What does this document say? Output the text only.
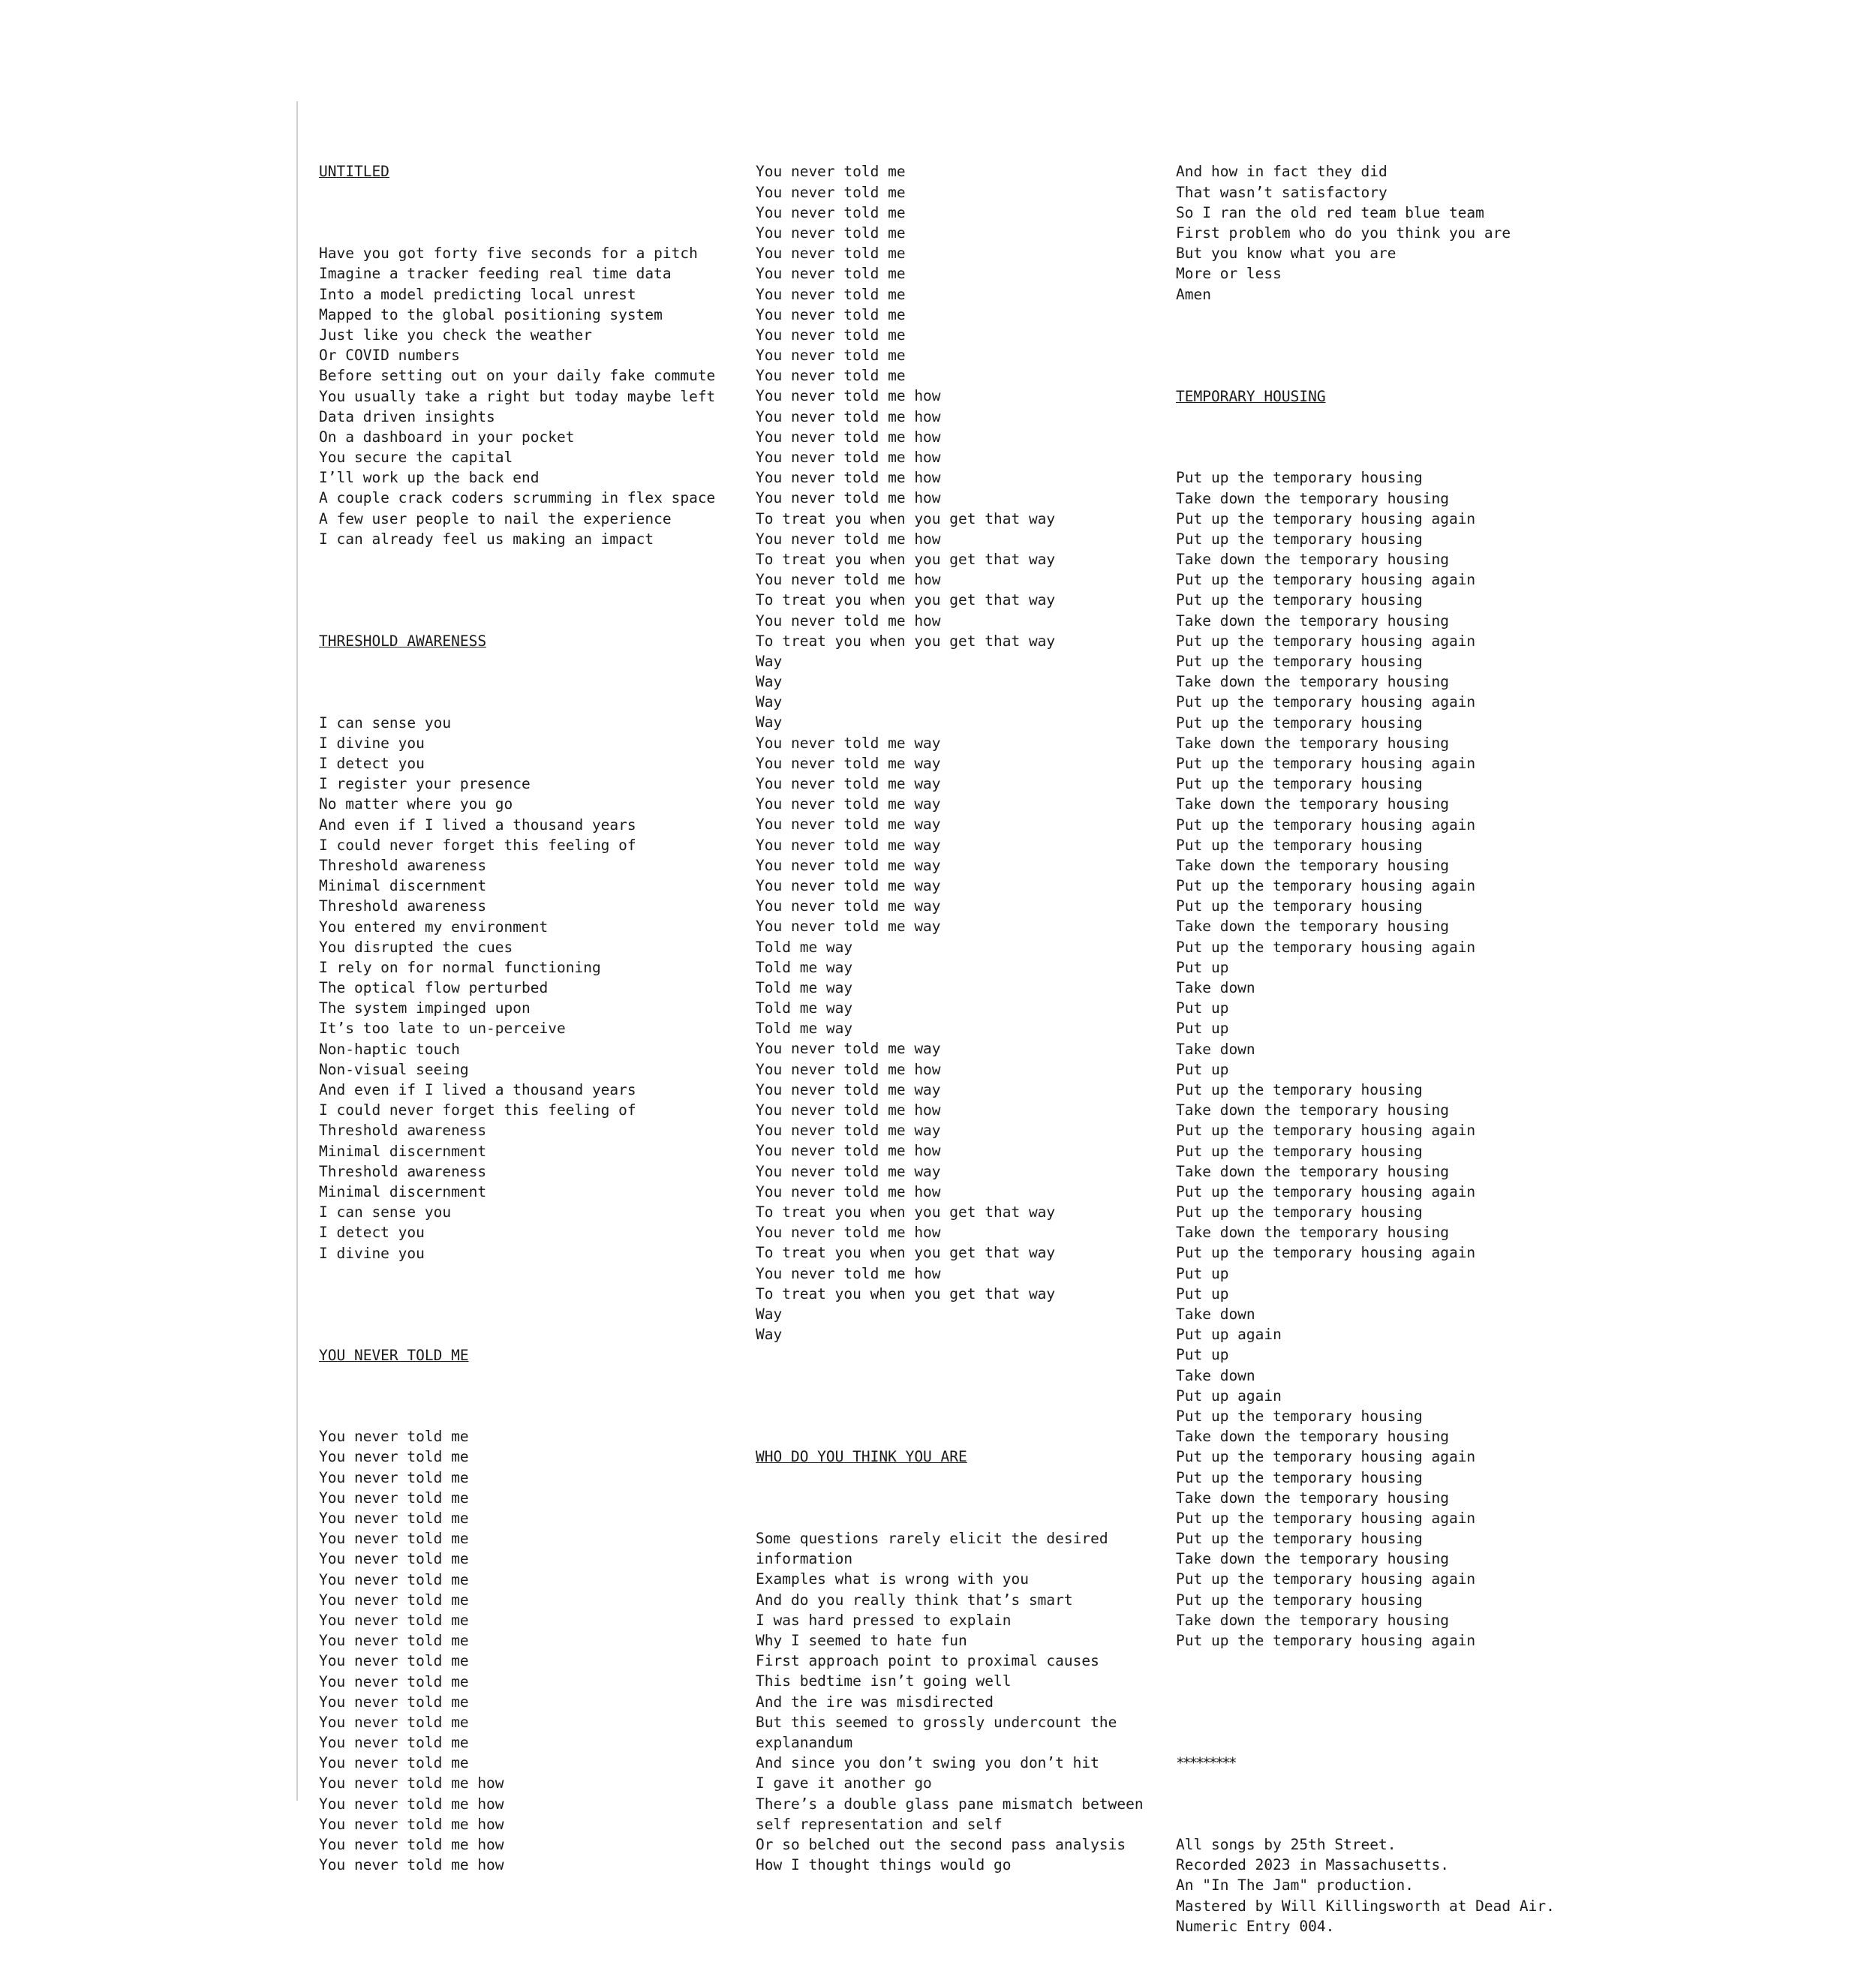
UNTITLED

Have you got forty five seconds for a pitch
Imagine a tracker feeding real time data
Into a model predicting local unrest
Mapped to the global positioning system
Just like you check the weather
Or COVID numbers
Before setting out on your daily fake commute
You usually take a right but today maybe left
Data driven insights
On a dashboard in your pocket
You secure the capital
I’ll work up the back end
A couple crack coders scrumming in flex space
A few user people to nail the experience
I can already feel us making an impact

THRESHOLD AWARENESS

I can sense you
I divine you
I detect you
I register your presence
No matter where you go
And even if I lived a thousand years
I could never forget this feeling of
Threshold awareness
Minimal discernment
Threshold awareness
You entered my environment
You disrupted the cues
I rely on for normal functioning
The optical flow perturbed
The system impinged upon
It’s too late to un-perceive
Non-haptic touch
Non-visual seeing
And even if I lived a thousand years
I could never forget this feeling of
Threshold awareness
Minimal discernment
Threshold awareness
Minimal discernment
I can sense you
I detect you
I divine you

YOU NEVER TOLD ME

You never told me
You never told me
You never told me
You never told me
You never told me
You never told me
You never told me
You never told me
You never told me
You never told me
You never told me
You never told me
You never told me
You never told me
You never told me
You never told me
You never told me
You never told me how
You never told me how
You never told me how
You never told me how
You never told me how

You never told me
You never told me
You never told me
You never told me
You never told me
You never told me
You never told me
You never told me
You never told me
You never told me
You never told me
You never told me how
You never told me how
You never told me how
You never told me how
You never told me how
You never told me how
To treat you when you get that way
You never told me how
To treat you when you get that way
You never told me how
To treat you when you get that way
You never told me how
To treat you when you get that way
Way
Way
Way
Way
You never told me way
You never told me way
You never told me way
You never told me way
You never told me way
You never told me way
You never told me way
You never told me way
You never told me way
You never told me way
Told me way
Told me way
Told me way
Told me way
Told me way
You never told me way
You never told me how
You never told me way
You never told me how
You never told me way
You never told me how
You never told me way
You never told me how
To treat you when you get that way
You never told me how
To treat you when you get that way
You never told me how
To treat you when you get that way
Way
Way

WHO DO YOU THINK YOU ARE

Some questions rarely elicit the desired
information
Examples what is wrong with you
And do you really think that’s smart
I was hard pressed to explain
Why I seemed to hate fun
First approach point to proximal causes
This bedtime isn’t going well
And the ire was misdirected
But this seemed to grossly undercount the
explanandum
And since you don’t swing you don’t hit
I gave it another go
There’s a double glass pane mismatch between
self representation and self
Or so belched out the second pass analysis
How I thought things would go

And how in fact they did
That wasn’t satisfactory
So I ran the old red team blue team
First problem who do you think you are
But you know what you are
More or less
Amen

TEMPORARY HOUSING

Put up the temporary housing
Take down the temporary housing
Put up the temporary housing again
Put up the temporary housing
Take down the temporary housing
Put up the temporary housing again
Put up the temporary housing
Take down the temporary housing
Put up the temporary housing again
Put up the temporary housing
Take down the temporary housing
Put up the temporary housing again
Put up the temporary housing
Take down the temporary housing
Put up the temporary housing again
Put up the temporary housing
Take down the temporary housing
Put up the temporary housing again
Put up the temporary housing
Take down the temporary housing
Put up the temporary housing again
Put up the temporary housing
Take down the temporary housing
Put up the temporary housing again
Put up
Take down
Put up
Put up
Take down
Put up
Put up the temporary housing
Take down the temporary housing
Put up the temporary housing again
Put up the temporary housing
Take down the temporary housing
Put up the temporary housing again
Put up the temporary housing
Take down the temporary housing
Put up the temporary housing again
Put up
Put up
Take down
Put up again
Put up
Take down
Put up again
Put up the temporary housing
Take down the temporary housing
Put up the temporary housing again
Put up the temporary housing
Take down the temporary housing
Put up the temporary housing again
Put up the temporary housing
Take down the temporary housing
Put up the temporary housing again
Put up the temporary housing
Take down the temporary housing
Put up the temporary housing again

*********

All songs by 25th Street.
Recorded 2023 in Massachusetts.
An "In The Jam" production.
Mastered by Will Killingsworth at Dead Air.
Numeric Entry 004.
